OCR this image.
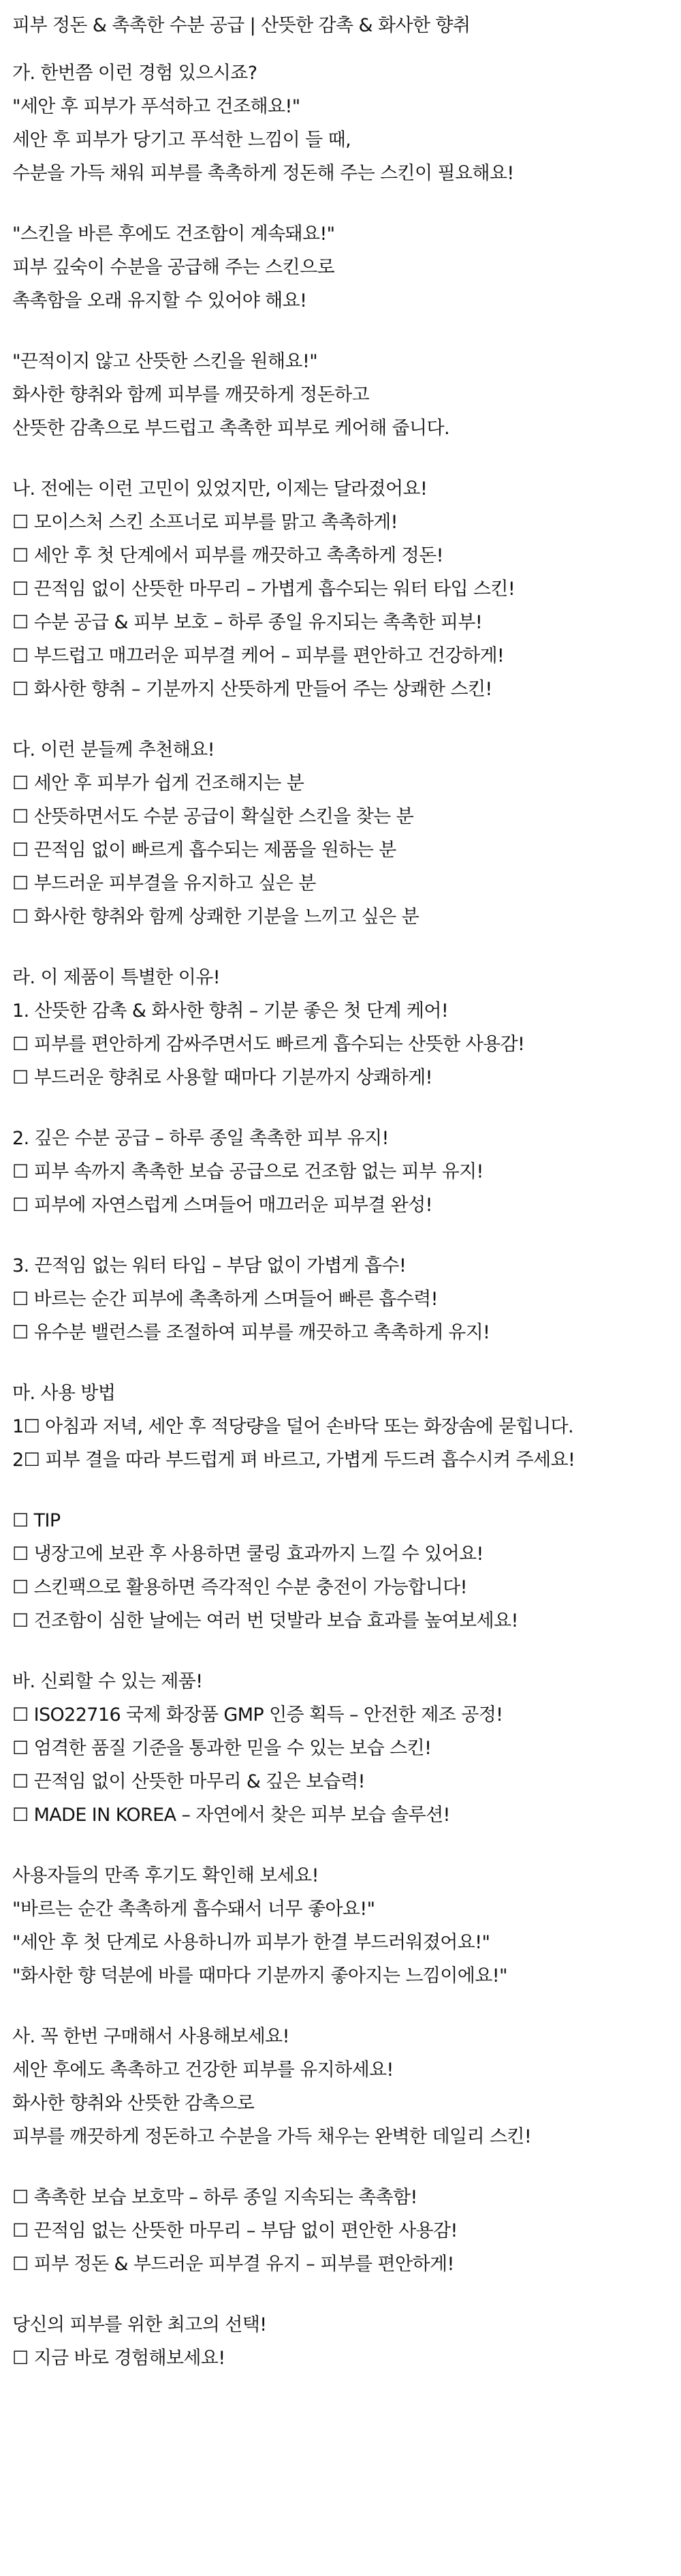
피부 정돈 & 촉촉한 수분 공급 | 산뜻한 감촉 & 화사한 향취
가. 한번쯤 이런 경험 있으시죠?
"세안 후 피부가 푸석하고 건조해요!"
세안 후 피부가 당기고 푸석한 느낌이 들 때,
수분을 가득 채워 피부를 촉촉하게 정돈해 주는 스킨이 필요해요!
"스킨을 바른 후에도 건조함이 계속돼요!"
피부 깊숙이 수분을 공급해 주는 스킨으로
촉촉함을 오래 유지할 수 있어야 해요!
"끈적이지 않고 산뜻한 스킨을 원해요!"
화사한 향취와 함께 피부를 깨끗하게 정돈하고
산뜻한 감촉으로 부드럽고 촉촉한 피부로 케어해 줍니다.
나. 전에는 이런 고민이 있었지만, 이제는 달라졌어요!
☐ 모이스처 스킨 소프너로 피부를 맑고 촉촉하게!
☐ 세안 후 첫 단계에서 피부를 깨끗하고 촉촉하게 정돈!
☐ 끈적임 없이 산뜻한 마무리 – 가볍게 흡수되는 워터 타입 스킨!
☐ 수분 공급 & 피부 보호 – 하루 종일 유지되는 촉촉한 피부!
☐ 부드럽고 매끄러운 피부결 케어 – 피부를 편안하고 건강하게!
☐ 화사한 향취 – 기분까지 산뜻하게 만들어 주는 상쾌한 스킨!
다. 이런 분들께 추천해요!
☐ 세안 후 피부가 쉽게 건조해지는 분
☐ 산뜻하면서도 수분 공급이 확실한 스킨을 찾는 분
☐ 끈적임 없이 빠르게 흡수되는 제품을 원하는 분
☐ 부드러운 피부결을 유지하고 싶은 분
☐ 화사한 향취와 함께 상쾌한 기분을 느끼고 싶은 분
라. 이 제품이 특별한 이유!
1. 산뜻한 감촉 & 화사한 향취 – 기분 좋은 첫 단계 케어!
☐ 피부를 편안하게 감싸주면서도 빠르게 흡수되는 산뜻한 사용감!
☐ 부드러운 향취로 사용할 때마다 기분까지 상쾌하게!
2. 깊은 수분 공급 – 하루 종일 촉촉한 피부 유지!
☐ 피부 속까지 촉촉한 보습 공급으로 건조함 없는 피부 유지!
☐ 피부에 자연스럽게 스며들어 매끄러운 피부결 완성!
3. 끈적임 없는 워터 타입 – 부담 없이 가볍게 흡수!
☐ 바르는 순간 피부에 촉촉하게 스며들어 빠른 흡수력!
☐ 유수분 밸런스를 조절하여 피부를 깨끗하고 촉촉하게 유지!
마. 사용 방법
1☐ 아침과 저녁, 세안 후 적당량을 덜어 손바닥 또는 화장솜에 묻힙니다.
2☐ 피부 결을 따라 부드럽게 펴 바르고, 가볍게 두드려 흡수시켜 주세요!
☐ TIP
☐ 냉장고에 보관 후 사용하면 쿨링 효과까지 느낄 수 있어요!
☐ 스킨팩으로 활용하면 즉각적인 수분 충전이 가능합니다!
☐ 건조함이 심한 날에는 여러 번 덧발라 보습 효과를 높여보세요!
바. 신뢰할 수 있는 제품!
☐ ISO22716 국제 화장품 GMP 인증 획득 – 안전한 제조 공정!
☐ 엄격한 품질 기준을 통과한 믿을 수 있는 보습 스킨!
☐ 끈적임 없이 산뜻한 마무리 & 깊은 보습력!
☐ MADE IN KOREA – 자연에서 찾은 피부 보습 솔루션!
사용자들의 만족 후기도 확인해 보세요!
"바르는 순간 촉촉하게 흡수돼서 너무 좋아요!"
"세안 후 첫 단계로 사용하니까 피부가 한결 부드러워졌어요!"
"화사한 향 덕분에 바를 때마다 기분까지 좋아지는 느낌이에요!"
사. 꼭 한번 구매해서 사용해보세요!
세안 후에도 촉촉하고 건강한 피부를 유지하세요!
화사한 향취와 산뜻한 감촉으로
피부를 깨끗하게 정돈하고 수분을 가득 채우는 완벽한 데일리 스킨!
☐ 촉촉한 보습 보호막 – 하루 종일 지속되는 촉촉함!
☐ 끈적임 없는 산뜻한 마무리 – 부담 없이 편안한 사용감!
☐ 피부 정돈 & 부드러운 피부결 유지 – 피부를 편안하게!
당신의 피부를 위한 최고의 선택!
☐ 지금 바로 경험해보세요!
